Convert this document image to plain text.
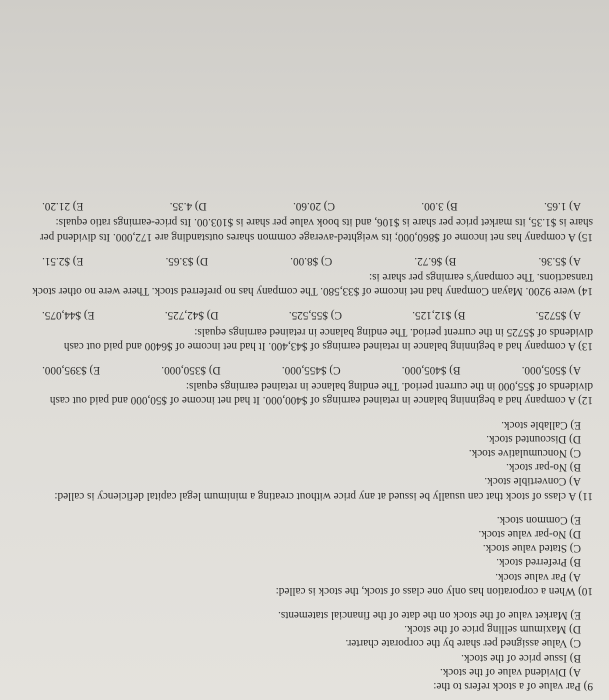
9) Par value of a stock refers to the:

A) Dividend value of the stock.

B) Issue price of the stock.

C) Value assigned per share by the corporate charter.

D) Maximum selling price of the stock.

E) Market value of the stock on the date of the financial statements.

10) When a corporation has only one class of stock, the stock is called:

A) Par value stock.

B) Preferred stock.

C) Stated value stock.

D) No-par value stock.

E) Common stock.

11) A class of stock that can usually be issued at any price without creating a minimum legal capital deficiency is called:

A) Convertible stock.

B) No-par stock.

C) Noncumulative stock.

D) Discounted stock.

E) Callable stock.

12) A company had a beginning balance in retained earnings of $400,000. It had net income of $50,000 and paid out cash dividends of $55,000 in the current period. The ending balance in retained earnings equals:

A) $505,000.
B) $405,000.
C) $455,000.
D) $350,000.
E) $395,000.

13) A company had a beginning balance in retained earnings of $43,400. It had net income of $6400 and paid out cash dividends of $5725 in the current period. The ending balance in retained earnings equals:

A) $5725.
B) $12,125.
C) $55,525.
D) $42,725.
E) $44,075.

14) were 9200. Mayan Company had net income of $33,580. The company has no preferred stock. There were no other stock transactions. The company's earnings per share is:

A) $5.36.
B) $6.72.
C) $8.00.
D) $3.65.
E) $2.51.

15) A company has net income of $860,000; its weighted-average common shares outstanding are 172,000. Its dividend per share is $1.35, its market price per share is $106, and its book value per share is $103.00. Its price-earnings ratio equals:

A) 1.65.
B) 3.00.
C) 20.60.
D) 4.35.
E) 21.20.
